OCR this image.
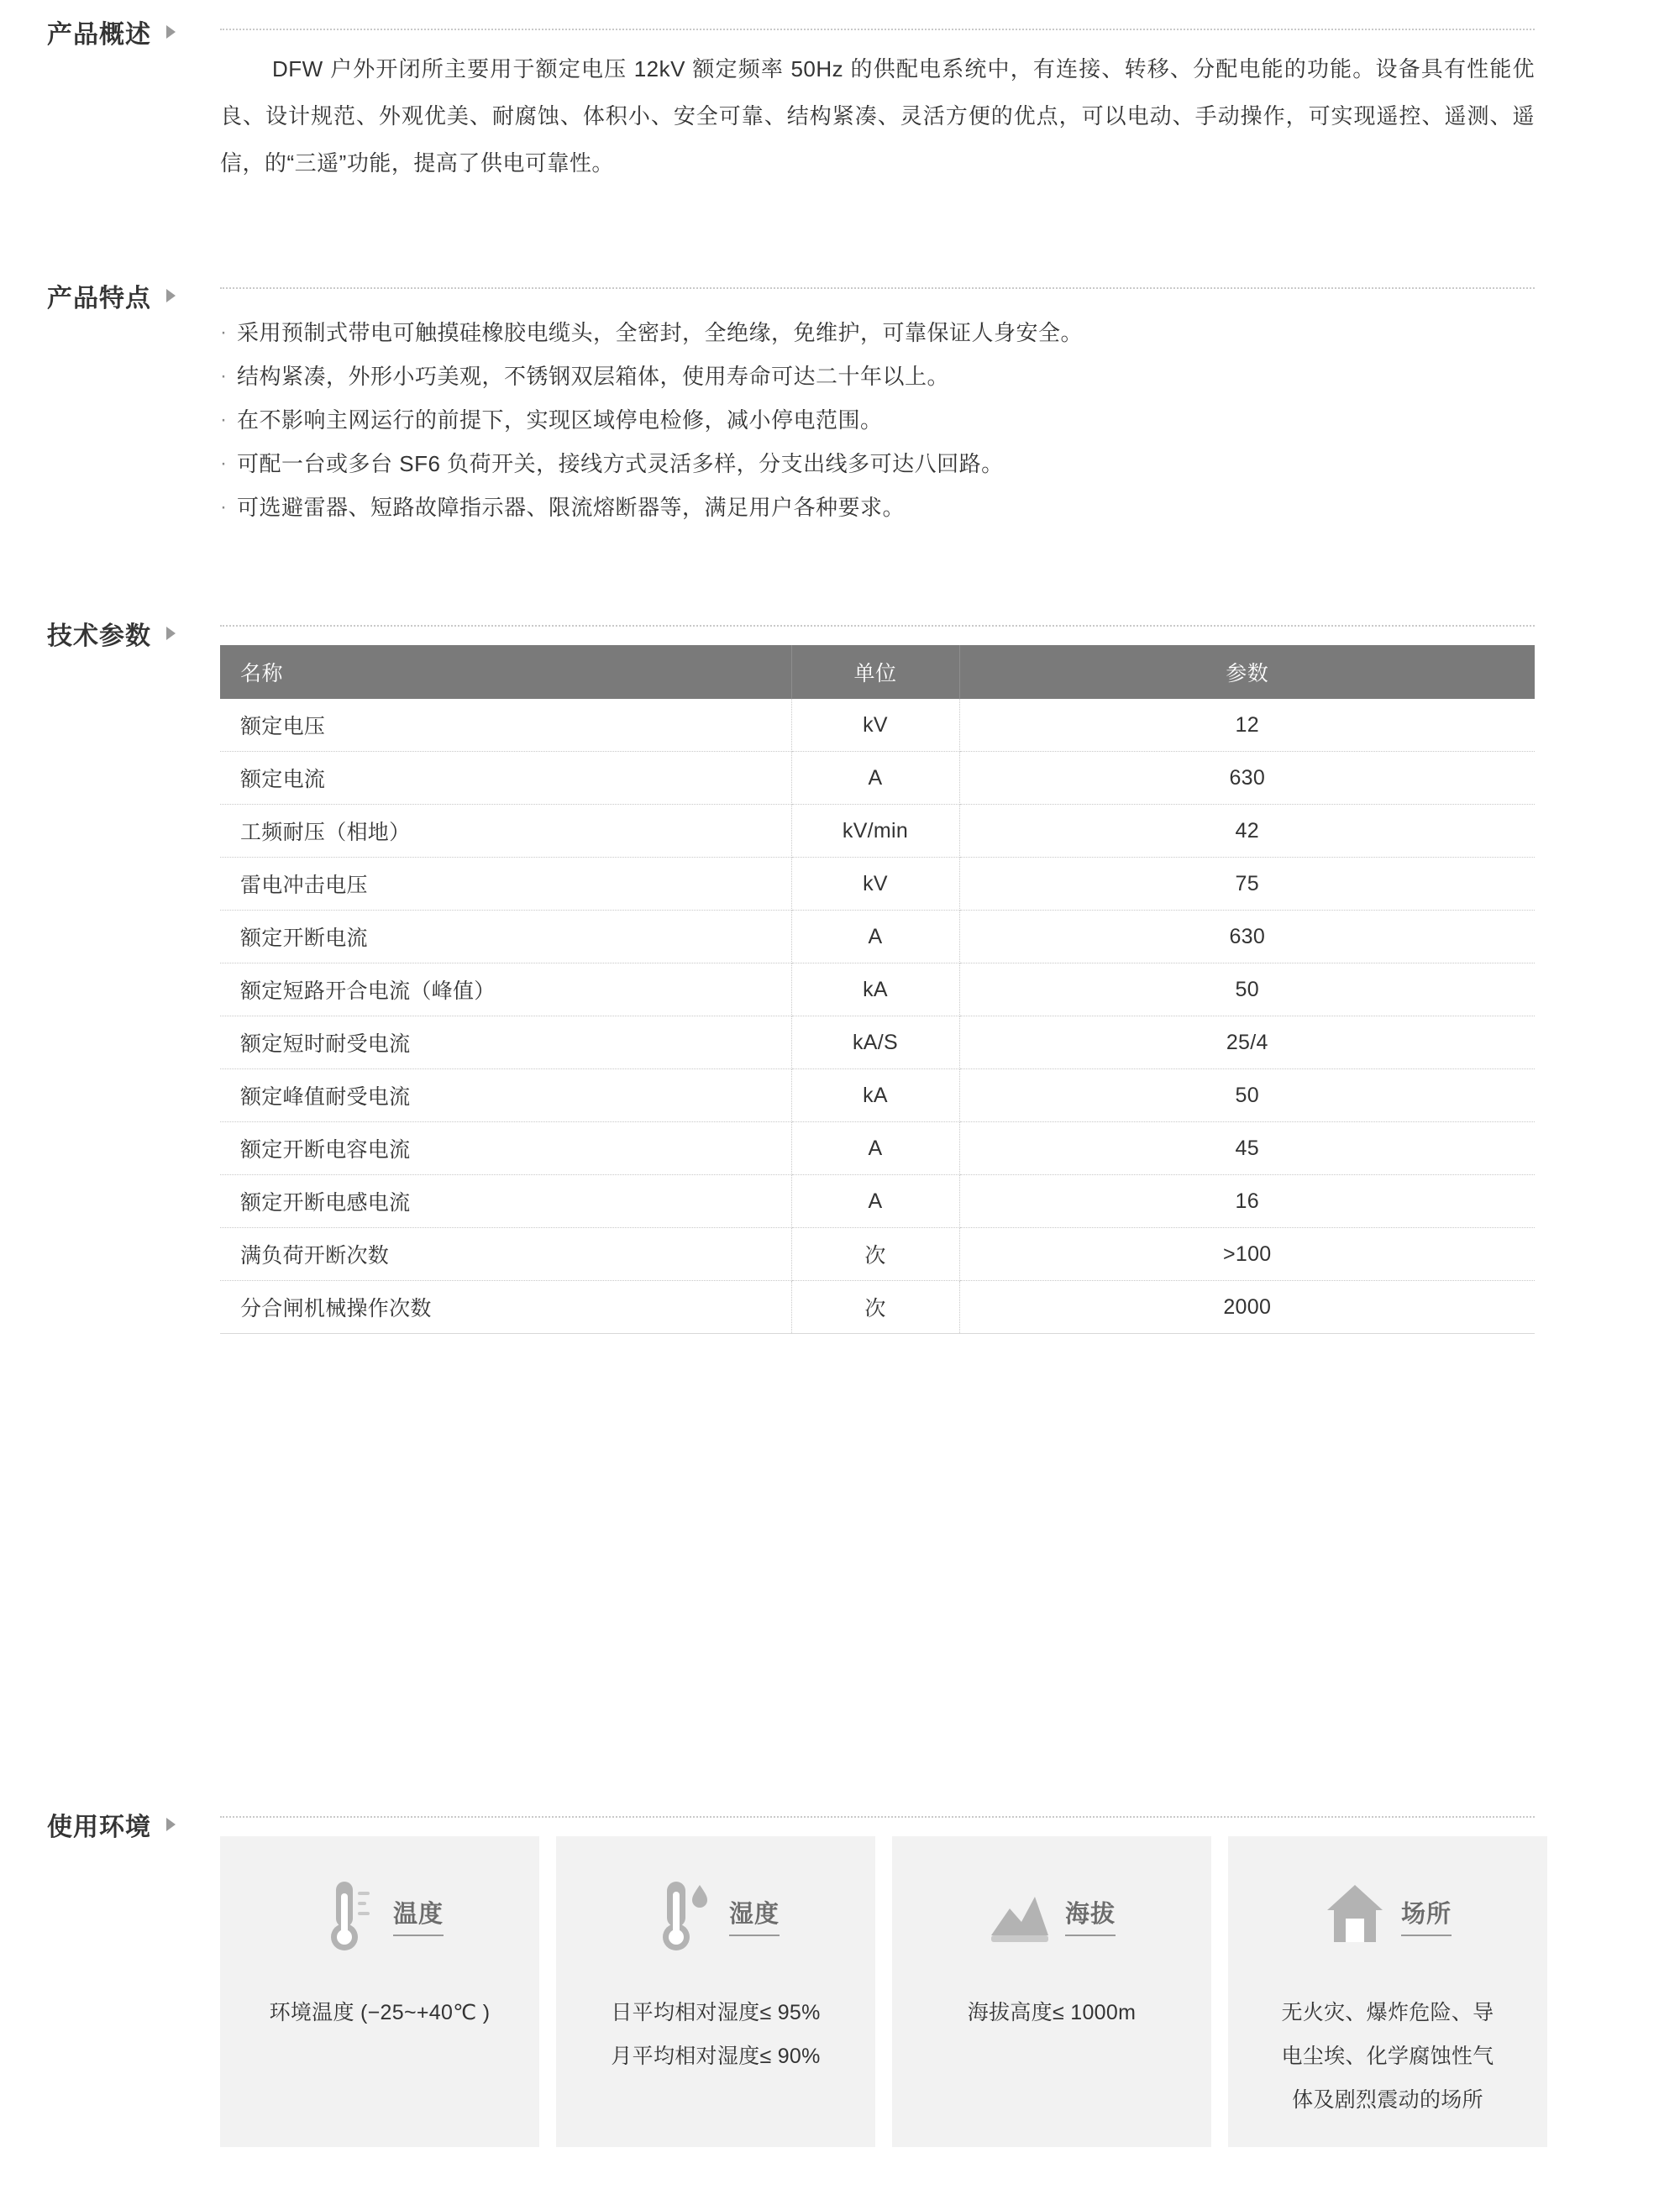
产品概述

DFW 户外开闭所主要用于额定电压 12kV 额定频率 50Hz 的供配电系统中，有连接、转移、分配电能的功能。设备具有性能优良、设计规范、外观优美、耐腐蚀、体积小、安全可靠、结构紧凑、灵活方便的优点，可以电动、手动操作，可实现遥控、遥测、遥信，的“三遥”功能，提高了供电可靠性。

产品特点
· 采用预制式带电可触摸硅橡胶电缆头，全密封，全绝缘，免维护，可靠保证人身安全。
· 结构紧凑，外形小巧美观，不锈钢双层箱体，使用寿命可达二十年以上。
· 在不影响主网运行的前提下，实现区域停电检修，减小停电范围。
· 可配一台或多台 SF6 负荷开关，接线方式灵活多样，分支出线多可达八回路。
· 可选避雷器、短路故障指示器、限流熔断器等，满足用户各种要求。
技术参数
名称	单位	参数
额定电压	kV	12
额定电流	A	630
工频耐压（相地）	kV/min	42
雷电冲击电压	kV	75
额定开断电流	A	630
额定短路开合电流（峰值）	kA	50
额定短时耐受电流	kA/S	25/4
额定峰值耐受电流	kA	50
额定开断电容电流	A	45
额定开断电感电流	A	16
满负荷开断次数	次	>100
分合闸机械操作次数	次	2000
使用环境
温度
环境温度 (−25~+40℃ )
湿度
日平均相对湿度≤ 95%
月平均相对湿度≤ 90%
海拔
海拔高度≤ 1000m
场所
无火灾、爆炸危险、导
电尘埃、化学腐蚀性气
体及剧烈震动的场所
